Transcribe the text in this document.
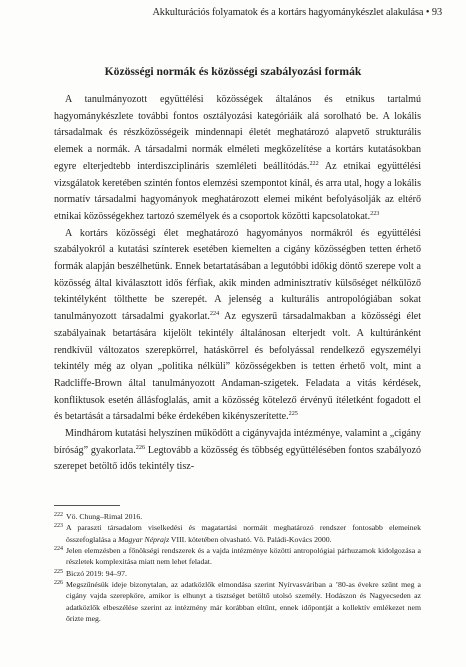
Akkulturációs folyamatok és a kortárs hagyománykészlet alakulása • 93
Közösségi normák és közösségi szabályozási formák

A tanulmányozott együttélési közösségek általános és etnikus tartalmú hagyománykészlete további fontos osztályozási kategóriáik alá sorolható be. A lokális társadalmak és részközösségeik mindennapi életét meghatározó alapvető strukturális elemek a normák. A társadalmi normák elméleti megközelítése a kortárs kutatásokban egyre elterjedtebb interdiszciplináris szemléleti beállítódás.$^{222}$ Az etnikai együttélési vizsgálatok keretében szintén fontos elemzési szempontot kínál, és arra utal, hogy a lokális normatív társadalmi hagyományok meghatározott elemei miként befolyásolják az eltérő etnikai közösségekhez tartozó személyek és a csoportok közötti kapcsolatokat.$^{223}$

A kortárs közösségi élet meghatározó hagyományos normákról és együttélési szabályokról a kutatási színterek esetében kiemelten a cigány közösségben tetten érhető formák alapján beszélhetünk. Ennek betartatásában a legutóbbi időkig döntő szerepe volt a közösség által kiválasztott idős férfiak, akik minden adminisztratív külsőséget nélkülöző tekintélyként tölthette be szerepét. A jelenség a kulturális antropológiában sokat tanulmányozott társadalmi gyakorlat.$^{224}$ Az egyszerű társadalmakban a közösségi élet szabályainak betartására kijelölt tekintély általánosan elterjedt volt. A kultúránként rendkívül változatos szerepkörrel, hatáskörrel és befolyással rendelkező egyszemélyi tekintély még az olyan „politika nélküli” közösségekben is tetten érhető volt, mint a Radcliffe-Brown által tanulmányozott Andaman-szigetek. Feladata a vitás kérdések, konfliktusok esetén állásfoglalás, amit a közösség kötelező érvényű ítéletként fogadott el és betartását a társadalmi béke érdekében kikényszerítette.$^{225}$

Mindhárom kutatási helyszínen működött a cigányvajda intézménye, valamint a „cigány bíróság” gyakorlata.$^{226}$ Legtovább a közösség és többség együttélésében fontos szabályozó szerepet betöltő idős tekintély tisz-

222 Vö. Chung–Rimal 2016.
223 A paraszti társadalom viselkedési és magatartási normáit meghatározó rendszer fontosabb elemeinek összefoglalása a Magyar Néprajz VIII. kötetében olvasható. Vö. Paládi-Kovács 2000.
224 Jelen elemzésben a főnökségi rendszerek és a vajda intézménye közötti antropológiai párhuzamok kidolgozása a részletek komplexitása miatt nem lehet feladat.
225 Biczó 2019: 94–97.
226 Megszűnésük ideje bizonytalan, az adatközlők elmondása szerint Nyírvasváriban a ’80-as évekre szűnt meg a cigány vajda szerepköre, amikor is elhunyt a tisztséget betöltő utolsó személy. Hodászon és Nagyecseden az adatközlők elbeszélése szerint az intézmény már korábban eltűnt, ennek időpontját a kollektív emlékezet nem őrizte meg.
